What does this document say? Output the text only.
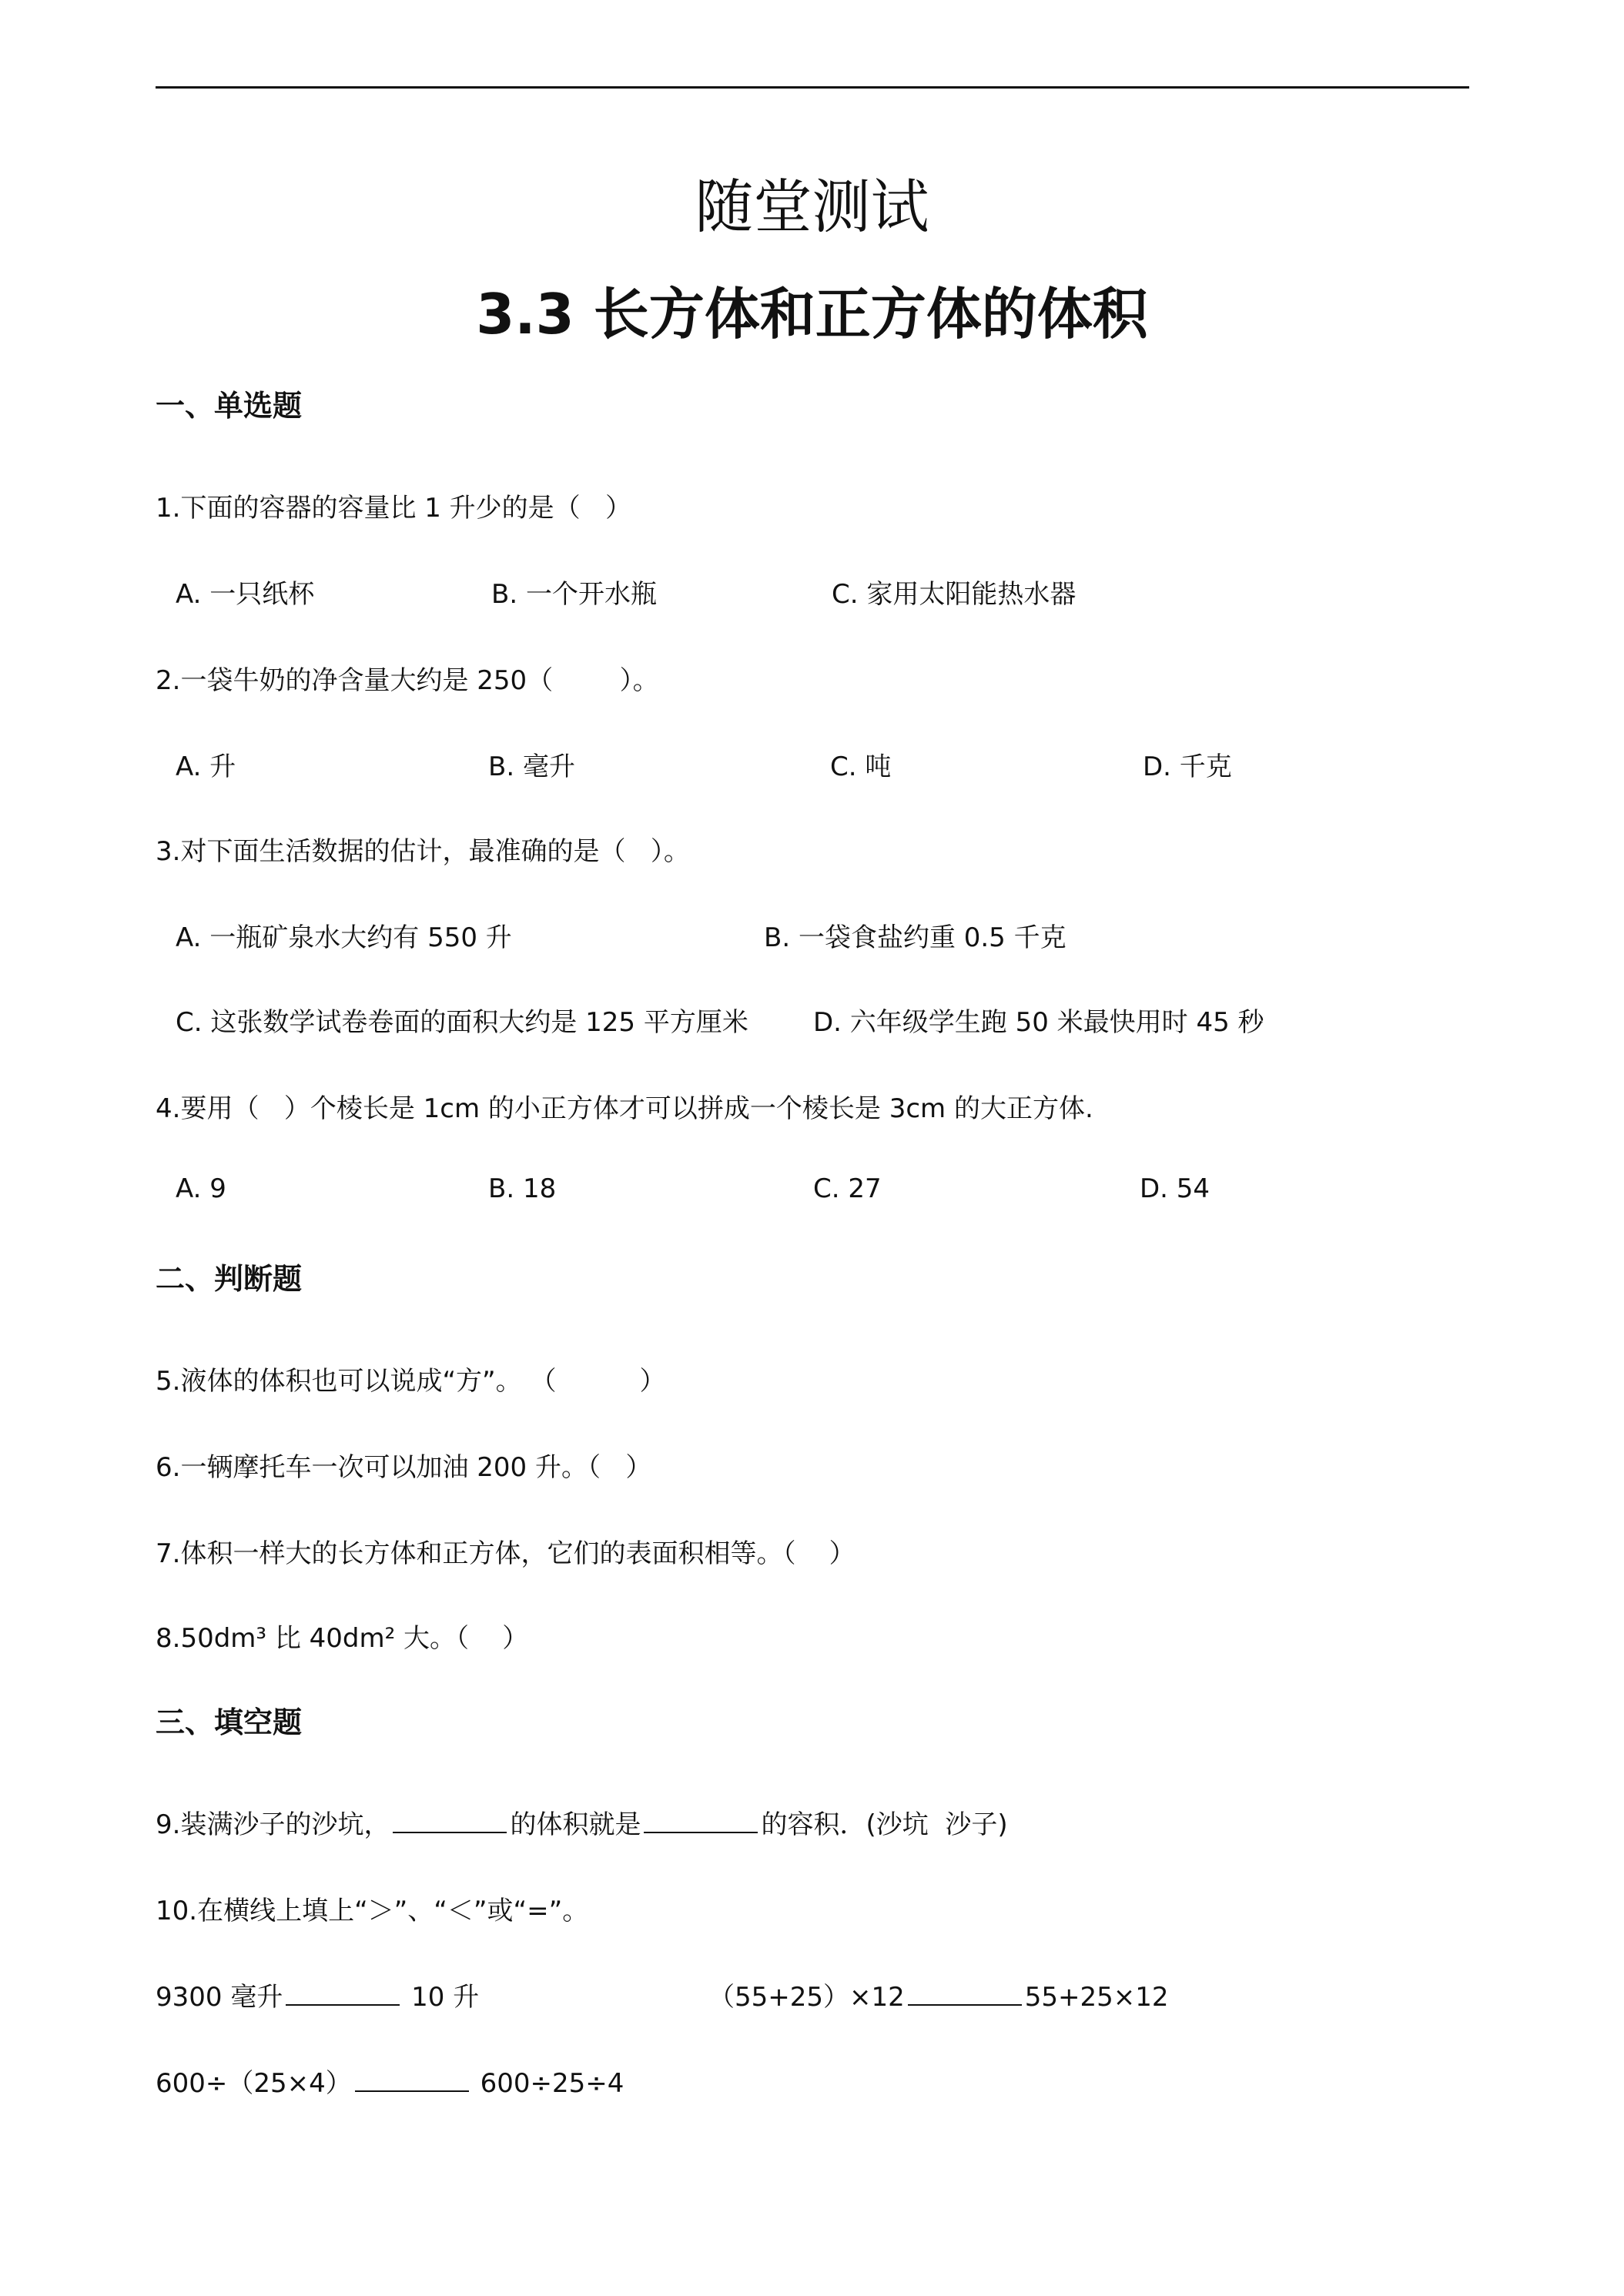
随堂测试
3.3 长方体和正方体的体积
一、单选题
1.下面的容器的容量比 1 升少的是（   ）
A. 一只纸杯	B. 一个开水瓶	C. 家用太阳能热水器
2.一袋牛奶的净含量大约是 250（        ）。
A. 升	B. 毫升	C. 吨	D. 千克
3.对下面生活数据的估计，最准确的是（   ）。
A. 一瓶矿泉水大约有 550 升	B. 一袋食盐约重 0.5 千克
C. 这张数学试卷卷面的面积大约是 125 平方厘米 D. 六年级学生跑 50 米最快用时 45 秒
4.要用（   ）个棱长是 1cm 的小正方体才可以拼成一个棱长是 3cm 的大正方体.
A. 9	B. 18	C. 27	D. 54
二、判断题
5.液体的体积也可以说成“方”。 （          ）
6.一辆摩托车一次可以加油 200 升。（   ）
7.体积一样大的长方体和正方体，它们的表面积相等。（    ）
8.50dm³ 比 40dm² 大。（    ）
三、填空题
9.装满沙子的沙坑，	的体积就是	的容积．(沙坑  沙子)
10.在横线上填上“＞”、“＜”或“=”。
9300 毫升	10 升	（55+25）×12	55+25×12
600÷（25×4）	600÷25÷4
